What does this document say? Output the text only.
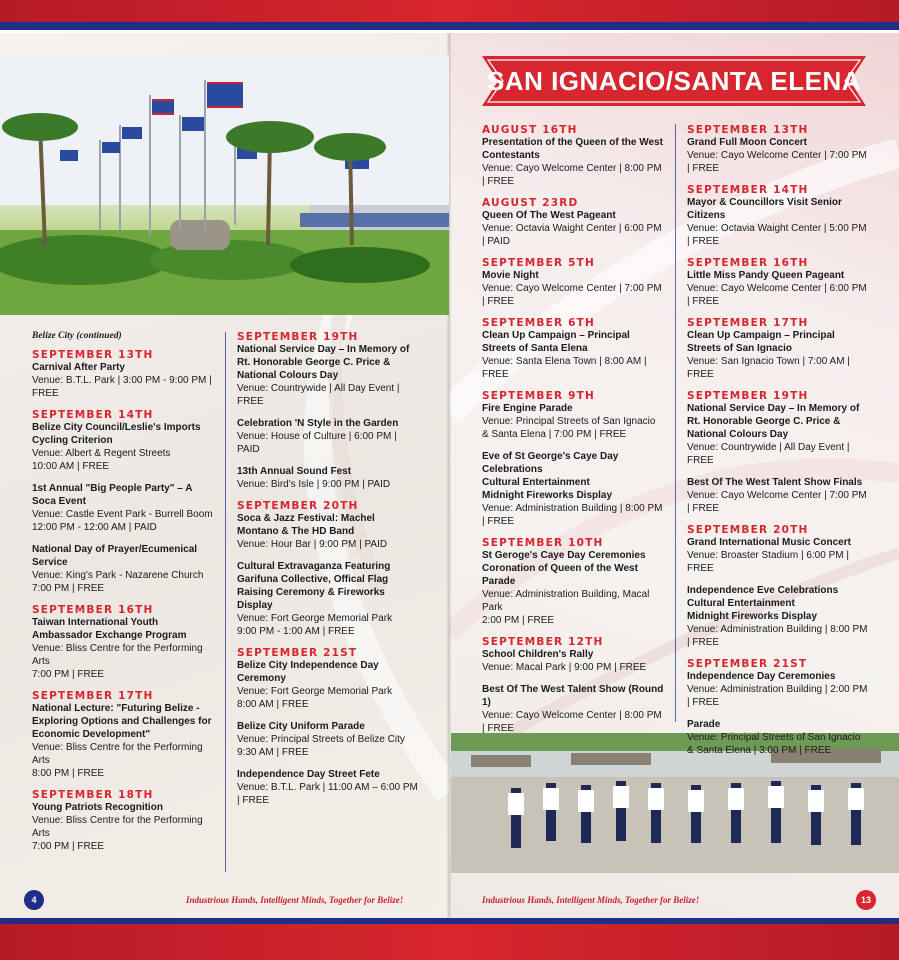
SAN IGNACIO/SANTA ELENA
Belize City (continued)
SEPTEMBER 13TH
Carnival After Party
Venue: B.T.L. Park | 3:00 PM - 9:00 PM | FREE
SEPTEMBER 14TH
Belize City Council/Leslie's Imports Cycling Criterion
Venue: Albert & Regent Streets
10:00 AM | FREE
1st Annual "Big People Party" – A Soca Event
Venue: Castle Event Park - Burrell Boom
12:00 PM - 12:00 AM | PAID
National Day of Prayer/Ecumenical Service
Venue: King's Park - Nazarene Church
7:00 PM | FREE
SEPTEMBER 16TH
Taiwan International Youth Ambassador Exchange Program
Venue: Bliss Centre for the Performing Arts
7:00 PM | FREE
SEPTEMBER 17TH
National Lecture: "Futuring Belize - Exploring Options and Challenges for Economic Development"
Venue: Bliss Centre for the Performing Arts
8:00 PM | FREE
SEPTEMBER 18TH
Young Patriots Recognition
Venue: Bliss Centre for the Performing Arts
7:00 PM | FREE
SEPTEMBER 19TH
National Service Day – In Memory of Rt. Honorable George C. Price & National Colours Day
Venue: Countrywide | All Day Event | FREE
Celebration 'N Style in the Garden
Venue: House of Culture | 6:00 PM | PAID
13th Annual Sound Fest
Venue: Bird's Isle | 9:00 PM | PAID
SEPTEMBER 20TH
Soca & Jazz Festival: Machel Montano & The HD Band
Venue: Hour Bar | 9:00 PM | PAID
Cultural Extravaganza Featuring Garifuna Collective, Offical Flag Raising Ceremony & Fireworks Display
Venue: Fort George Memorial Park
9:00 PM - 1:00 AM | FREE
SEPTEMBER 21ST
Belize City Independence Day Ceremony
Venue: Fort George Memorial Park
8:00 AM | FREE
Belize City Uniform Parade
Venue: Principal Streets of Belize City
9:30 AM | FREE
Independence Day Street Fete
Venue: B.T.L. Park | 11:00 AM – 6:00 PM | FREE
AUGUST 16TH
Presentation of the Queen of the West Contestants
Venue: Cayo Welcome Center | 8:00 PM | FREE
AUGUST 23RD
Queen Of The West Pageant
Venue: Octavia Waight Center | 6:00 PM | PAID
SEPTEMBER 5TH
Movie Night
Venue: Cayo Welcome Center | 7:00 PM | FREE
SEPTEMBER 6TH
Clean Up Campaign – Principal Streets of Santa Elena
Venue: Santa Elena Town | 8:00 AM | FREE
SEPTEMBER 9TH
Fire Engine Parade
Venue: Principal Streets of San Ignacio & Santa Elena | 7:00 PM | FREE
Eve of St George's Caye Day Celebrations
Cultural Entertainment
Midnight Fireworks Display
Venue: Administration Building | 8:00 PM | FREE
SEPTEMBER 10TH
St Geroge's Caye Day Ceremonies
Coronation of Queen of the West Parade
Venue: Administration Building, Macal Park
2:00 PM | FREE
SEPTEMBER 12TH
School Children's Rally
Venue: Macal Park | 9:00 PM | FREE
Best Of The West Talent Show (Round 1)
Venue: Cayo Welcome Center | 8:00 PM | FREE
SEPTEMBER 13TH
Grand Full Moon Concert
Venue: Cayo Welcome Center | 7:00 PM | FREE
SEPTEMBER 14TH
Mayor & Councillors Visit Senior Citizens
Venue: Octavia Waight Center | 5:00 PM | FREE
SEPTEMBER 16TH
Little Miss Pandy Queen Pageant
Venue: Cayo Welcome Center | 6:00 PM | FREE
SEPTEMBER 17TH
Clean Up Campaign – Principal Streets of San Ignacio
Venue: San Ignacio Town | 7:00 AM | FREE
SEPTEMBER 19TH
National Service Day – In Memory of Rt. Honorable George C. Price & National Colours Day
Venue: Countrywide | All Day Event | FREE
Best Of The West Talent Show Finals
Venue: Cayo Welcome Center | 7:00 PM | FREE
SEPTEMBER 20TH
Grand International Music Concert
Venue: Broaster Stadium | 6:00 PM | FREE
Independence Eve Celebrations
Cultural Entertainment
Midnight Fireworks Display
Venue: Administration Building | 8:00 PM | FREE
SEPTEMBER 21ST
Independence Day Ceremonies
Venue: Administration Building | 2:00 PM | FREE
Parade
Venue: Principal Streets of San Ignacio & Santa Elena | 3:00 PM | FREE
4	Industrious Hands, Intelligent Minds, Together for Belize!	Industrious Hands, Intelligent Minds, Together for Belize!	13
